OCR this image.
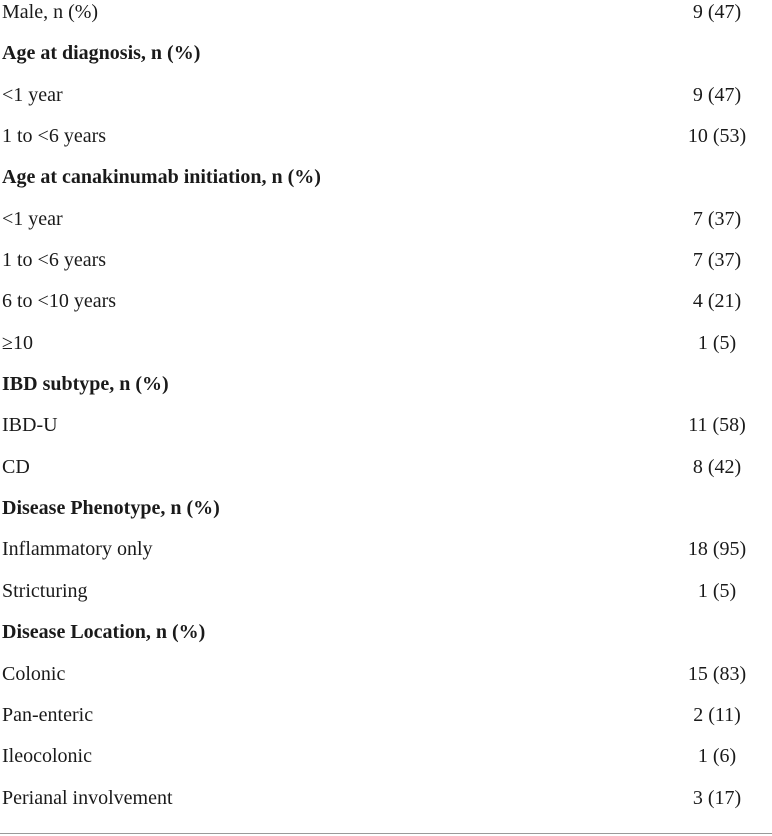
Male, n (%)	9 (47)
Age at diagnosis, n (%)
<1 year	9 (47)
1 to <6 years	10 (53)
Age at canakinumab initiation, n (%)
<1 year	7 (37)
1 to <6 years	7 (37)
6 to <10 years	4 (21)
≥10	1 (5)
IBD subtype, n (%)
IBD-U	11 (58)
CD	8 (42)
Disease Phenotype, n (%)
Inflammatory only	18 (95)
Stricturing	1 (5)
Disease Location, n (%)
Colonic	15 (83)
Pan-enteric	2 (11)
Ileocolonic	1 (6)
Perianal involvement	3 (17)
